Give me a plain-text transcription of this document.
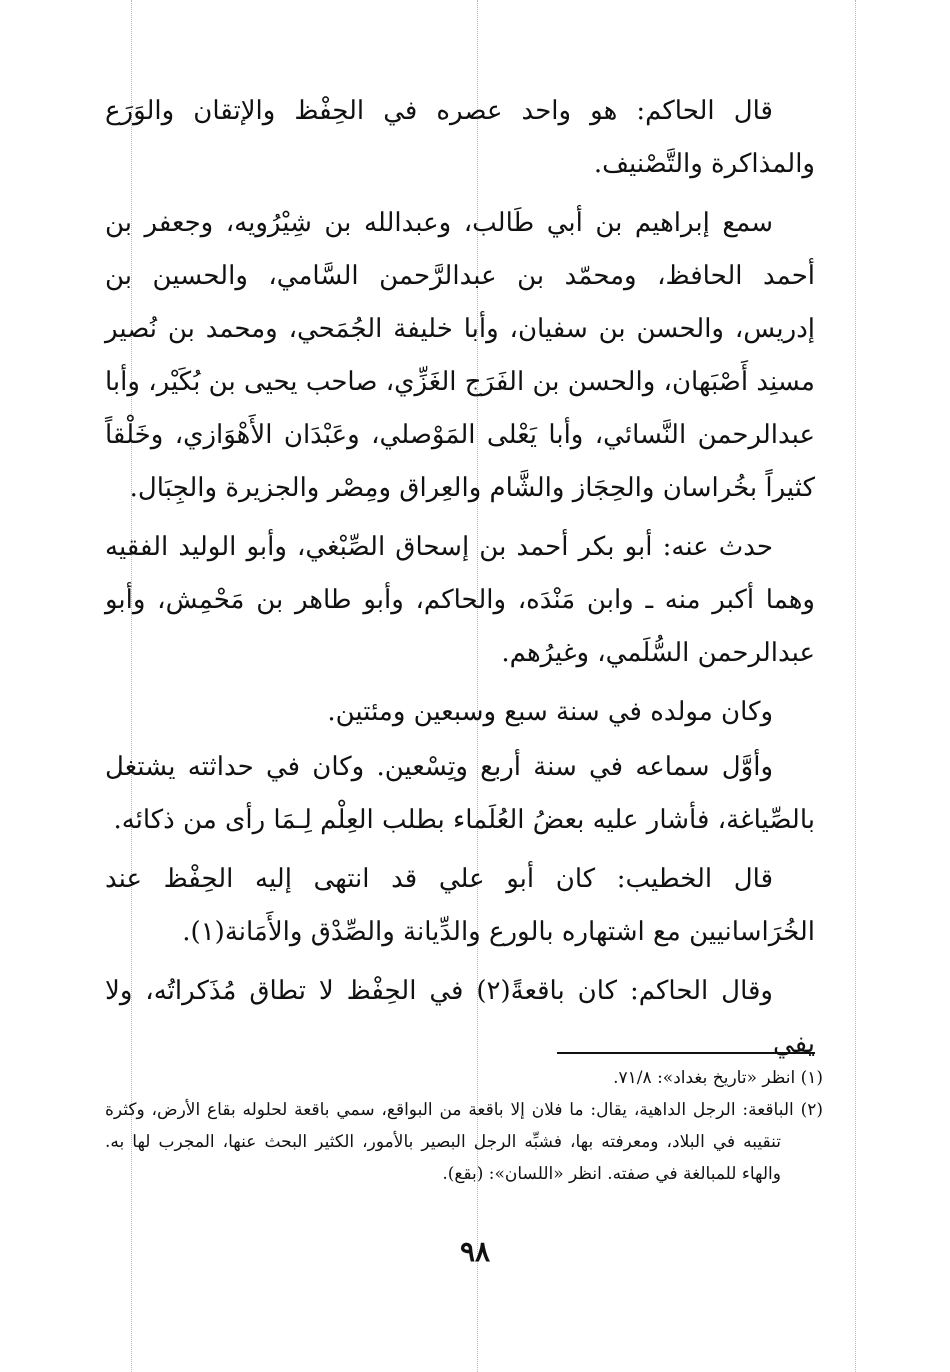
قال الحاكم: هو واحد عصره في الحِفْظ والإتقان والوَرَع والمذاكرة والتَّصْنيف.

سمع إبراهيم بن أبي طَالب، وعبدالله بن شِيْرُويه، وجعفر بن أحمد الحافظ، ومحمّد بن عبدالرَّحمن السَّامي، والحسين بن إدريس، والحسن بن سفيان، وأبا خليفة الجُمَحي، ومحمد بن نُصير مسنِد أَصْبَهان، والحسن بن الفَرَج الغَزِّي، صاحب يحيى بن بُكَيْر، وأبا عبدالرحمن النَّسائي، وأبا يَعْلى المَوْصلي، وعَبْدَان الأَهْوَازي، وخَلْقاً كثيراً بخُراسان والحِجَاز والشَّام والعِراق ومِصْر والجزيرة والجِبَال.

حدث عنه: أبو بكر أحمد بن إسحاق الصِّبْغي، وأبو الوليد الفقيه وهما أكبر منه ـ وابن مَنْدَه، والحاكم، وأبو طاهر بن مَحْمِش، وأبو عبدالرحمن السُّلَمي، وغيرُهم.

وكان مولده في سنة سبع وسبعين ومئتين.

وأوَّل سماعه في سنة أربع وتِسْعين. وكان في حداثته يشتغل بالصِّياغة، فأشار عليه بعضُ العُلَماء بطلب العِلْم لِـمَا رأى من ذكائه.

قال الخطيب: كان أبو علي قد انتهى إليه الحِفْظ عند الخُرَاسانيين مع اشتهاره بالورع والدِّيانة والصِّدْق والأَمَانة(١).

وقال الحاكم: كان باقعةً(٢) في الحِفْظ لا تطاق مُذَكراتُه، ولا يفي

(١) انظر «تاريخ بغداد»: ٧١/٨.

(٢) الباقعة: الرجل الداهية، يقال: ما فلان إلا باقعة من البواقع، سمي باقعة لحلوله بقاع الأرض، وكثرة تنقيبه في البلاد، ومعرفته بها، فشبِّه الرجل البصير بالأمور، الكثير البحث عنها، المجرب لها به. والهاء للمبالغة في صفته. انظر «اللسان»: (بقع).

٩٨
